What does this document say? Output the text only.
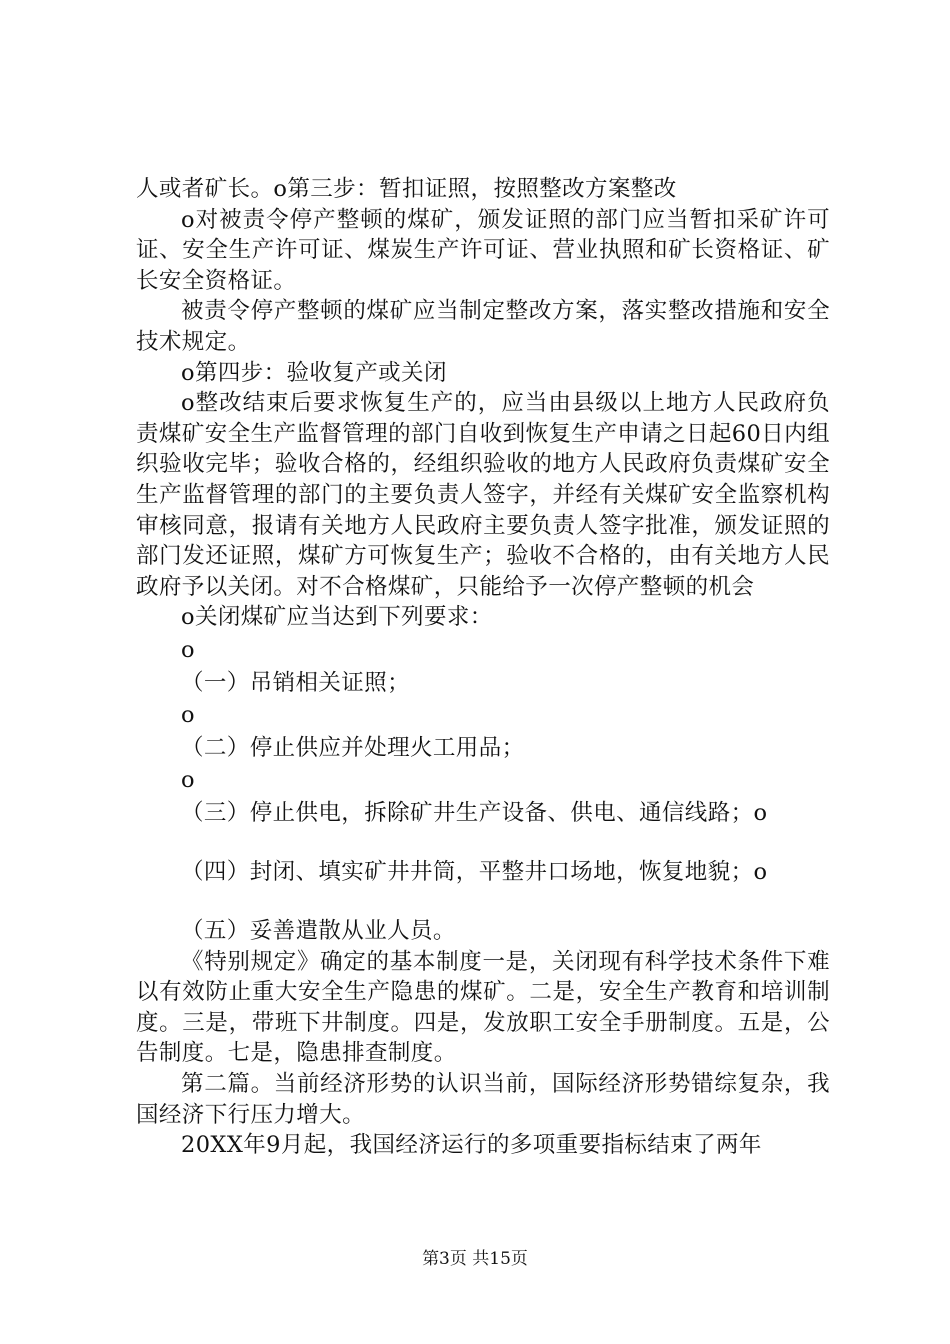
人或者矿长。o第三步：暂扣证照，按照整改方案整改

o对被责令停产整顿的煤矿，颁发证照的部门应当暂扣采矿许可证、安全生产许可证、煤炭生产许可证、营业执照和矿长资格证、矿长安全资格证。

被责令停产整顿的煤矿应当制定整改方案，落实整改措施和安全技术规定。

o第四步：验收复产或关闭

o整改结束后要求恢复生产的，应当由县级以上地方人民政府负责煤矿安全生产监督管理的部门自收到恢复生产申请之日起60日内组织验收完毕；验收合格的，经组织验收的地方人民政府负责煤矿安全生产监督管理的部门的主要负责人签字，并经有关煤矿安全监察机构审核同意，报请有关地方人民政府主要负责人签字批准，颁发证照的部门发还证照，煤矿方可恢复生产；验收不合格的，由有关地方人民政府予以关闭。对不合格煤矿，只能给予一次停产整顿的机会

o关闭煤矿应当达到下列要求：

o

（一）吊销相关证照；

o

（二）停止供应并处理火工用品；

o

（三）停止供电，拆除矿井生产设备、供电、通信线路；o

（四）封闭、填实矿井井筒，平整井口场地，恢复地貌；o

（五）妥善遣散从业人员。

《特别规定》确定的基本制度一是，关闭现有科学技术条件下难以有效防止重大安全生产隐患的煤矿。二是，安全生产教育和培训制度。三是，带班下井制度。四是，发放职工安全手册制度。五是，公告制度。七是，隐患排查制度。

第二篇。当前经济形势的认识当前，国际经济形势错综复杂，我国经济下行压力增大。

20XX年9月起，我国经济运行的多项重要指标结束了两年

第3页 共15页
